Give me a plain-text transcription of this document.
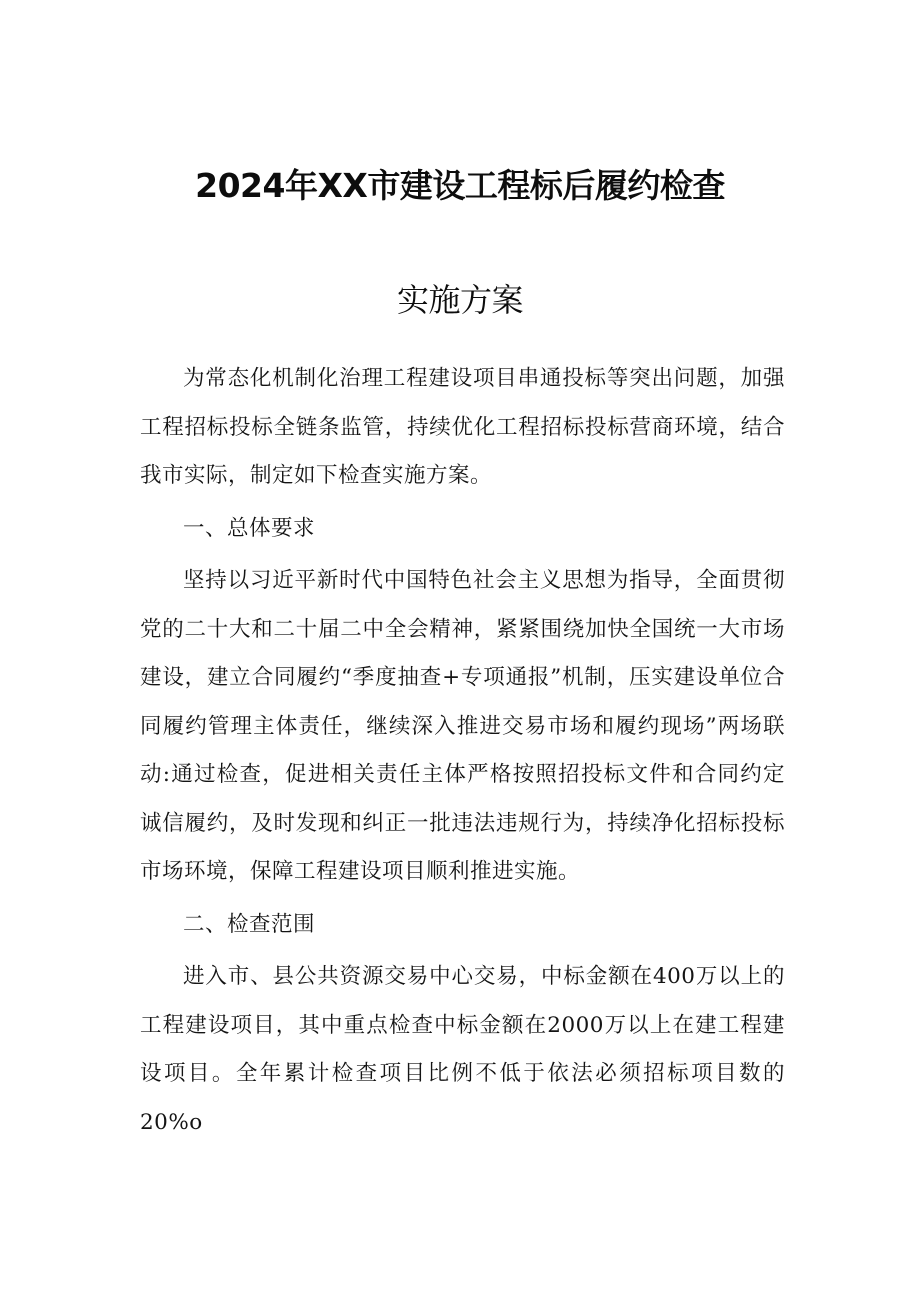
2024年XX市建设工程标后履约检查
实施方案

为常态化机制化治理工程建设项目串通投标等突出问题，加强工程招标投标全链条监管，持续优化工程招标投标营商环境，结合我市实际，制定如下检查实施方案。

一、总体要求

坚持以习近平新时代中国特色社会主义思想为指导，全面贯彻党的二十大和二十届二中全会精神，紧紧围绕加快全国统一大市场建设，建立合同履约“季度抽查+专项通报”机制，压实建设单位合同履约管理主体责任，继续深入推进交易市场和履约现场”两场联动:通过检查，促进相关责任主体严格按照招投标文件和合同约定诚信履约，及时发现和纠正一批违法违规行为，持续净化招标投标市场环境，保障工程建设项目顺利推进实施。

二、检查范围

进入市、县公共资源交易中心交易，中标金额在400万以上的工程建设项目，其中重点检查中标金额在2000万以上在建工程建设项目。全年累计检查项目比例不低于依法必须招标项目数的20%o
